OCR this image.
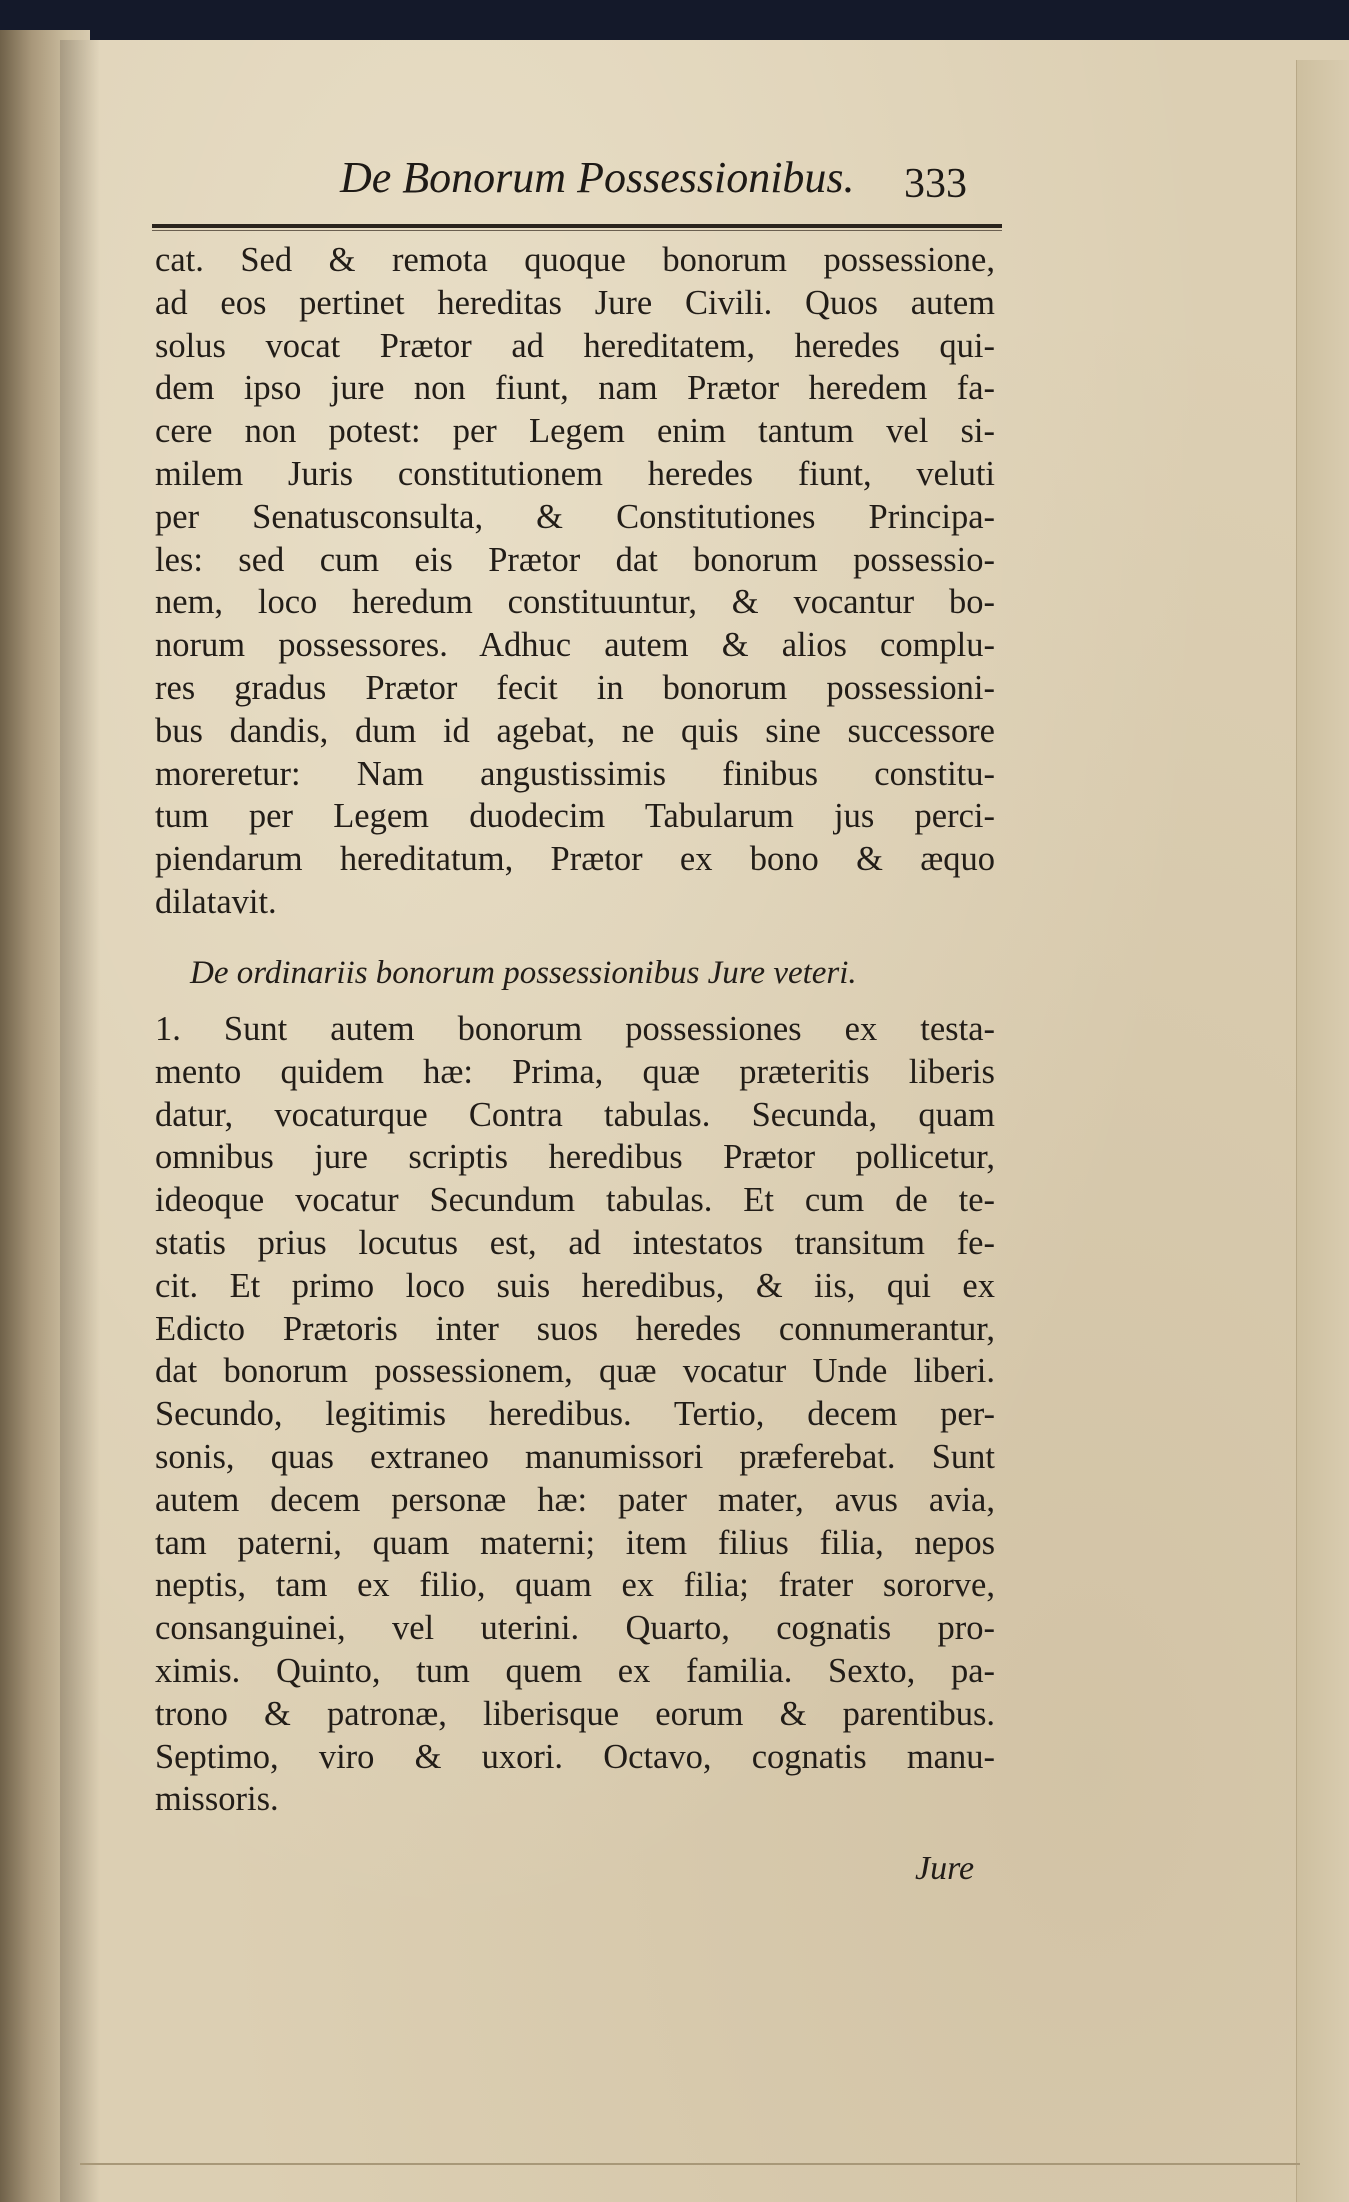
De Bonorum Possessionibus. 333
cat. Sed & remota quoque bonorum possessione,
ad eos pertinet hereditas Jure Civili. Quos autem
solus vocat Prætor ad hereditatem, heredes qui-
dem ipso jure non fiunt, nam Prætor heredem fa-
cere non potest: per Legem enim tantum vel si-
milem Juris constitutionem heredes fiunt, veluti
per Senatusconsulta, & Constitutiones Principa-
les: sed cum eis Prætor dat bonorum possessio-
nem, loco heredum constituuntur, & vocantur bo-
norum possessores. Adhuc autem & alios complu-
res gradus Prætor fecit in bonorum possessioni-
bus dandis, dum id agebat, ne quis sine successore
moreretur: Nam angustissimis finibus constitu-
tum per Legem duodecim Tabularum jus perci-
piendarum hereditatum, Prætor ex bono & æquo
dilatavit.
De ordinariis bonorum possessionibus Jure veteri.
1. Sunt autem bonorum possessiones ex testa-
mento quidem hæ: Prima, quæ præteritis liberis
datur, vocaturque Contra tabulas. Secunda, quam
omnibus jure scriptis heredibus Prætor pollicetur,
ideoque vocatur Secundum tabulas. Et cum de te-
statis prius locutus est, ad intestatos transitum fe-
cit. Et primo loco suis heredibus, & iis, qui ex
Edicto Prætoris inter suos heredes connumerantur,
dat bonorum possessionem, quæ vocatur Unde liberi.
Secundo, legitimis heredibus. Tertio, decem per-
sonis, quas extraneo manumissori præferebat. Sunt
autem decem personæ hæ: pater mater, avus avia,
tam paterni, quam materni; item filius filia, nepos
neptis, tam ex filio, quam ex filia; frater sororve,
consanguinei, vel uterini. Quarto, cognatis pro-
ximis. Quinto, tum quem ex familia. Sexto, pa-
trono & patronæ, liberisque eorum & parentibus.
Septimo, viro & uxori. Octavo, cognatis manu-
missoris.
Jure
